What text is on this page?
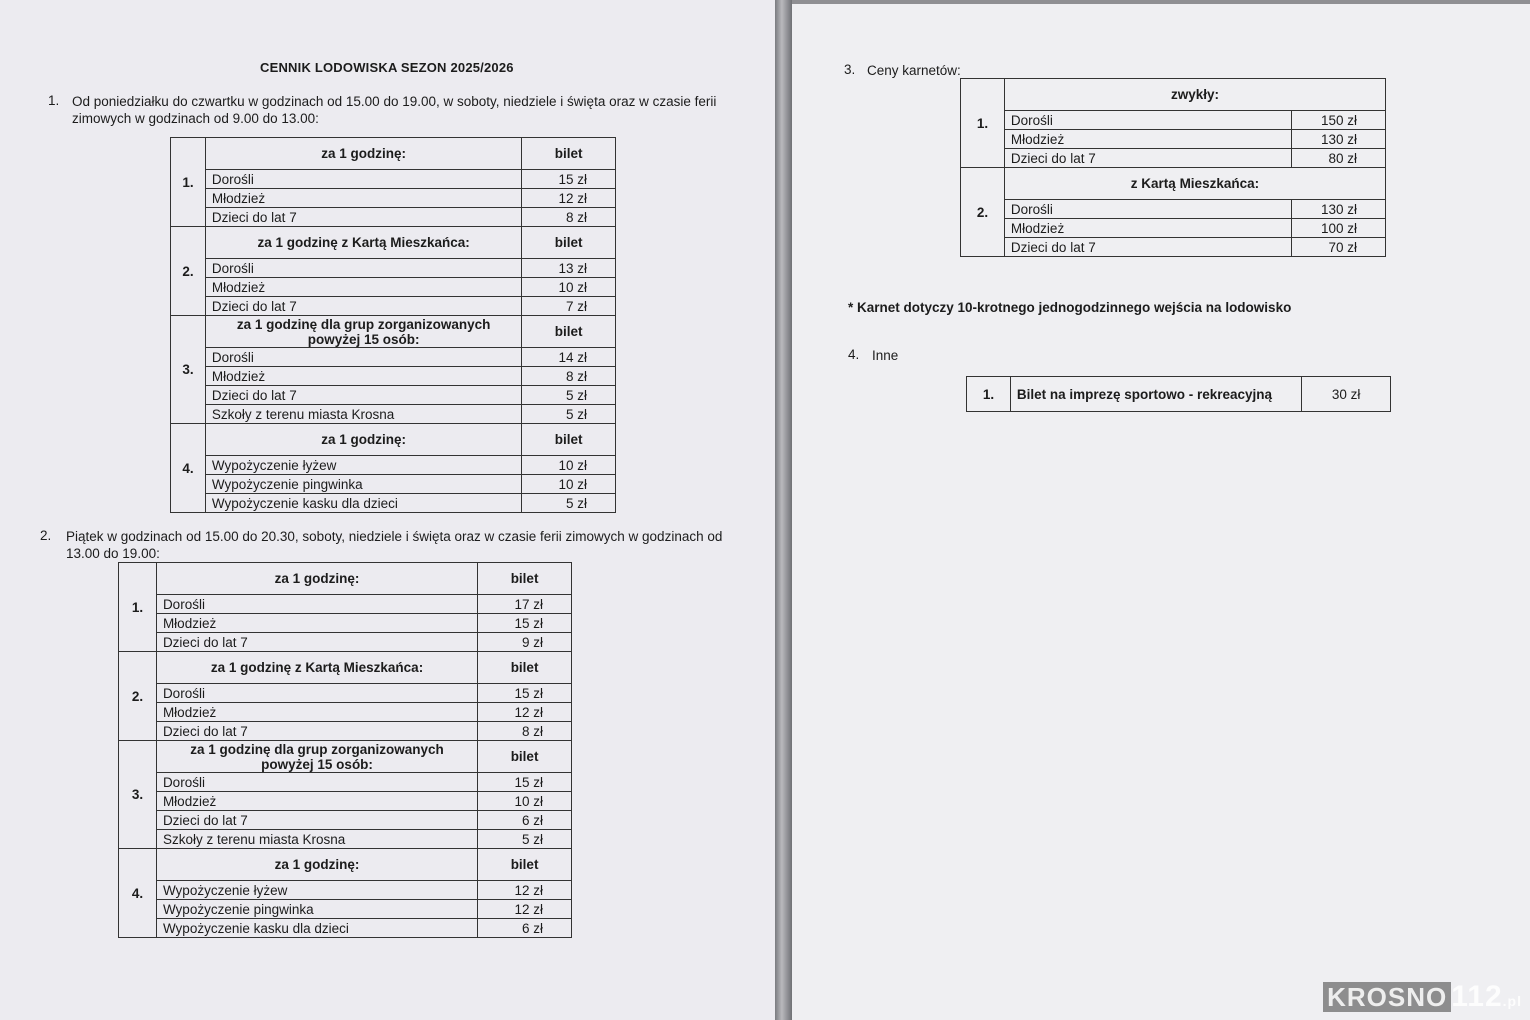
CENNIK LODOWISKA SEZON 2025/2026
1. Od poniedziałku do czwartku w godzinach od 15.00 do 19.00, w soboty, niedziele i święta oraz w czasie ferii zimowych w godzinach od 9.00 do 13.00:
1.	za 1 godzinę:	bilet
	Dorośli	15 zł
	Młodzież	12 zł
	Dzieci do lat 7	8 zł
2.	za 1 godzinę z Kartą Mieszkańca:	bilet
	Dorośli	13 zł
	Młodzież	10 zł
	Dzieci do lat 7	7 zł
3.	za 1 godzinę dla grup zorganizowanych powyżej 15 osób:	bilet
	Dorośli	14 zł
	Młodzież	8 zł
	Dzieci do lat 7	5 zł
	Szkoły z terenu miasta Krosna	5 zł
4.	za 1 godzinę:	bilet
	Wypożyczenie łyżew	10 zł
	Wypożyczenie pingwinka	10 zł
	Wypożyczenie kasku dla dzieci	5 zł
2. Piątek w godzinach od 15.00 do 20.30, soboty, niedziele i święta oraz w czasie ferii zimowych w godzinach od 13.00 do 19.00:
1.	za 1 godzinę:	bilet
	Dorośli	17 zł
	Młodzież	15 zł
	Dzieci do lat 7	9 zł
2.	za 1 godzinę z Kartą Mieszkańca:	bilet
	Dorośli	15 zł
	Młodzież	12 zł
	Dzieci do lat 7	8 zł
3.	za 1 godzinę dla grup zorganizowanych powyżej 15 osób:	bilet
	Dorośli	15 zł
	Młodzież	10 zł
	Dzieci do lat 7	6 zł
	Szkoły z terenu miasta Krosna	5 zł
4.	za 1 godzinę:	bilet
	Wypożyczenie łyżew	12 zł
	Wypożyczenie pingwinka	12 zł
	Wypożyczenie kasku dla dzieci	6 zł
3. Ceny karnetów:
1.	zwykły:	
	Dorośli	150 zł
	Młodzież	130 zł
	Dzieci do lat 7	80 zł
2.	z Kartą Mieszkańca:	
	Dorośli	130 zł
	Młodzież	100 zł
	Dzieci do lat 7	70 zł
* Karnet dotyczy 10-krotnego jednogodzinnego wejścia na lodowisko
4. Inne
1.	Bilet na imprezę sportowo - rekreacyjną	30 zł
KROSNO 112.pl
